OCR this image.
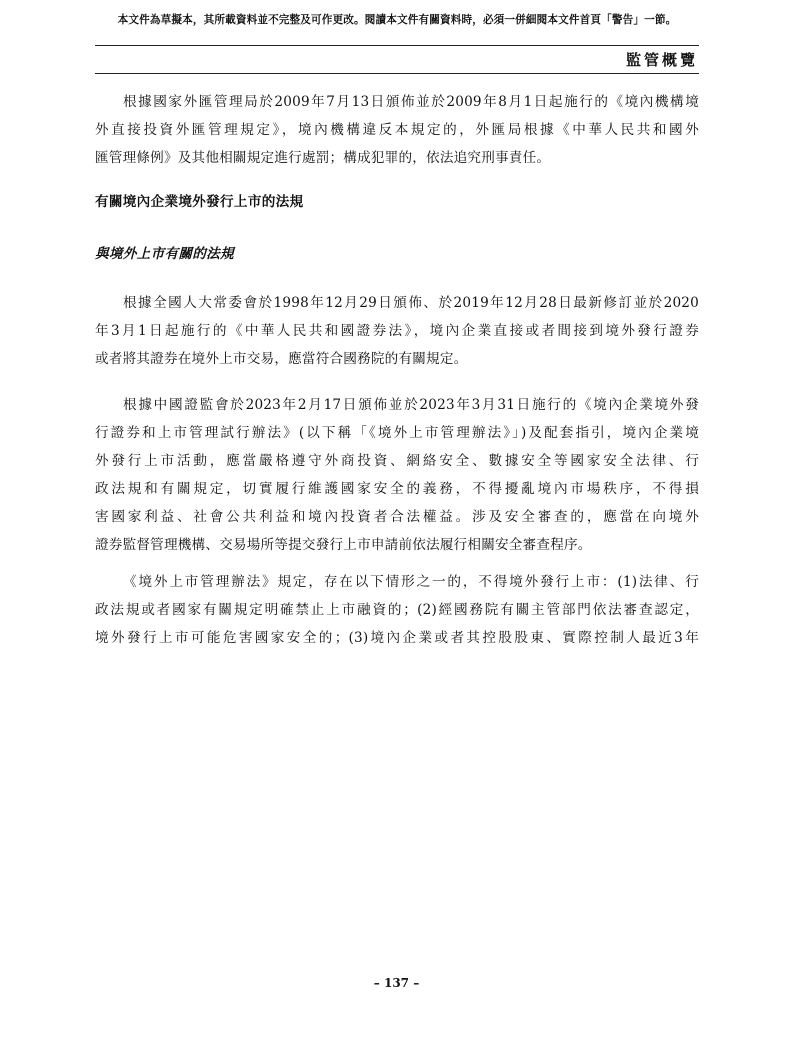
本文件為草擬本，其所載資料並不完整及可作更改。閱讀本文件有關資料時，必須一併細閱本文件首頁「警告」一節。
監管概覽
根據國家外匯管理局於2009年7月13日頒佈並於2009年8月1日起施行的《境內機構境
外直接投資外匯管理規定》，境內機構違反本規定的，外匯局根據《中華人民共和國外
匯管理條例》及其他相關規定進行處罰；構成犯罪的，依法追究刑事責任。
有關境內企業境外發行上市的法規
與境外上市有關的法規
根據全國人大常委會於1998年12月29日頒佈、於2019年12月28日最新修訂並於2020
年3月1日起施行的《中華人民共和國證券法》，境內企業直接或者間接到境外發行證券
或者將其證券在境外上市交易，應當符合國務院的有關規定。
根據中國證監會於2023年2月17日頒佈並於2023年3月31日施行的《境內企業境外發
行證券和上市管理試行辦法》(以下稱「《境外上市管理辦法》」)及配套指引，境內企業境
外發行上市活動，應當嚴格遵守外商投資、網絡安全、數據安全等國家安全法律、行
政法規和有關規定，切實履行維護國家安全的義務，不得擾亂境內市場秩序，不得損
害國家利益、社會公共利益和境內投資者合法權益。涉及安全審查的，應當在向境外
證券監督管理機構、交易場所等提交發行上市申請前依法履行相關安全審查程序。
《境外上市管理辦法》規定，存在以下情形之一的，不得境外發行上市：(1)法律、行
政法規或者國家有關規定明確禁止上市融資的；(2)經國務院有關主管部門依法審查認定，
境外發行上市可能危害國家安全的；(3)境內企業或者其控股股東、實際控制人最近3年
– 137 –
